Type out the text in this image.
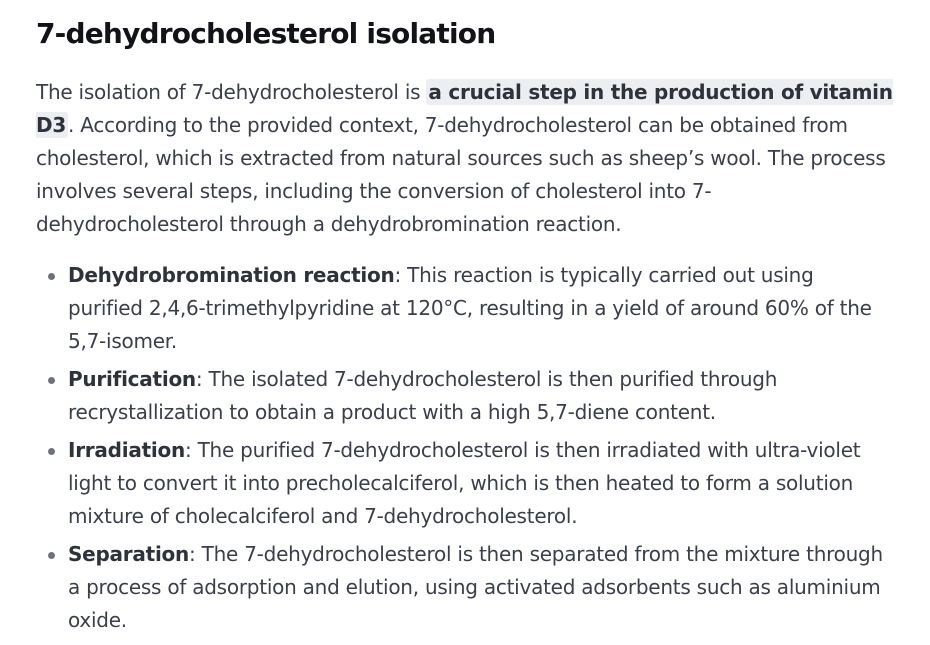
7-dehydrocholesterol isolation

The isolation of 7-dehydrocholesterol is a crucial step in the production of vitamin D3 . According to the provided context, 7-dehydrocholesterol can be obtained from cholesterol, which is extracted from natural sources such as sheep’s wool. The process involves several steps, including the conversion of cholesterol into 7-dehydrocholesterol through a dehydrobromination reaction.

Dehydrobromination reaction: This reaction is typically carried out using purified 2,4,6-trimethylpyridine at 120°C, resulting in a yield of around 60% of the 5,7-isomer.
Purification: The isolated 7-dehydrocholesterol is then purified through recrystallization to obtain a product with a high 5,7-diene content.
Irradiation: The purified 7-dehydrocholesterol is then irradiated with ultra-violet light to convert it into precholecalciferol, which is then heated to form a solution mixture of cholecalciferol and 7-dehydrocholesterol.
Separation: The 7-dehydrocholesterol is then separated from the mixture through a process of adsorption and elution, using activated adsorbents such as aluminium oxide.
